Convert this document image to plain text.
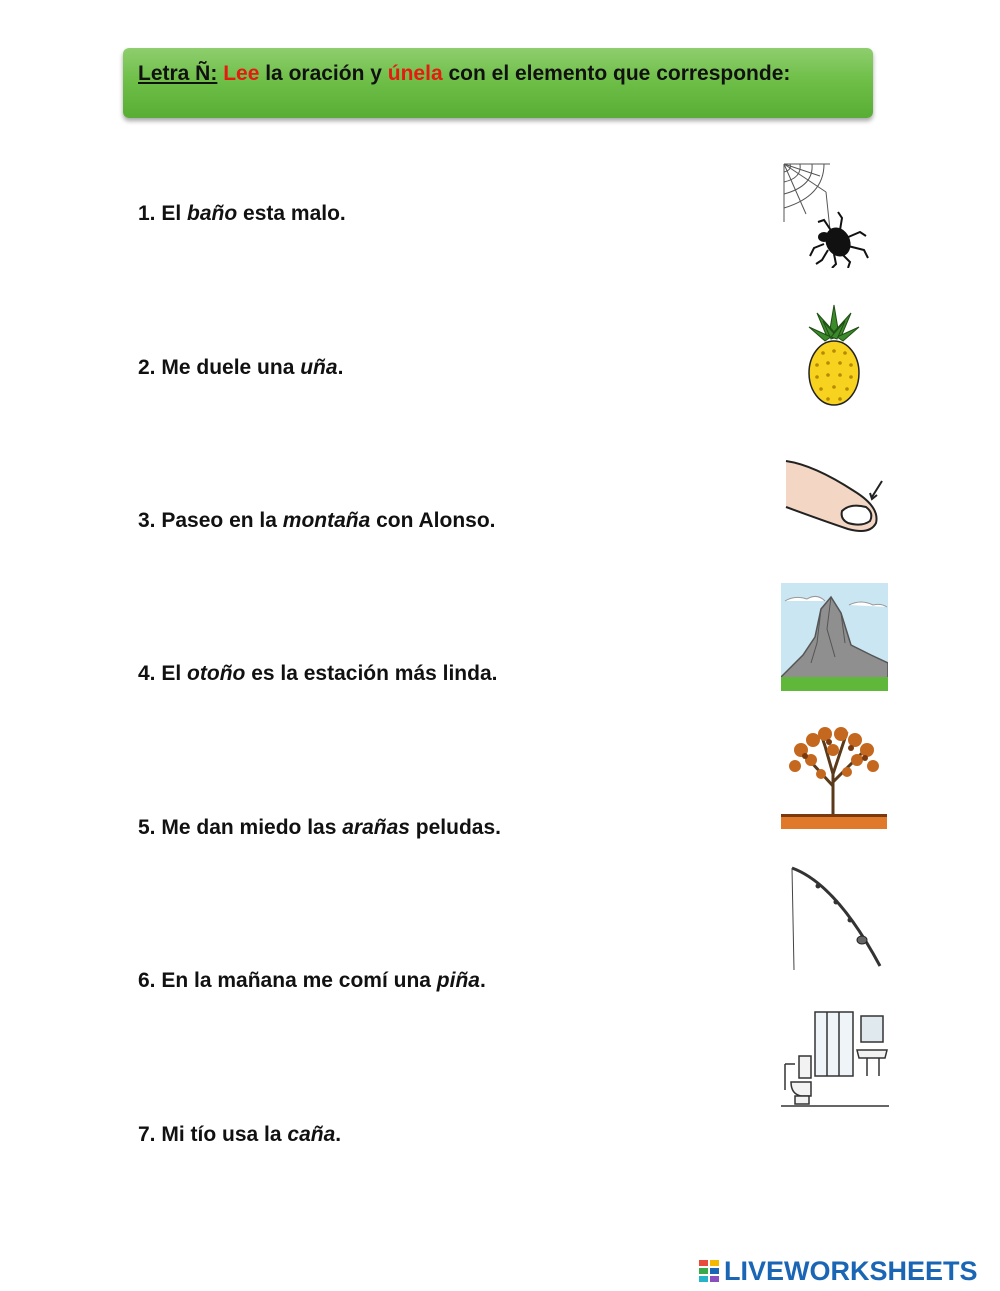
Letra Ñ: Lee la oración y únela con el elemento que corresponde:
1. El baño esta malo.
2. Me duele una uña.
3. Paseo en la montaña con Alonso.
4. El otoño es la estación más linda.
5. Me dan miedo las arañas peludas.
6. En la mañana me comí una piña.
7. Mi tío usa la caña.
LIVEWORKSHEETS
